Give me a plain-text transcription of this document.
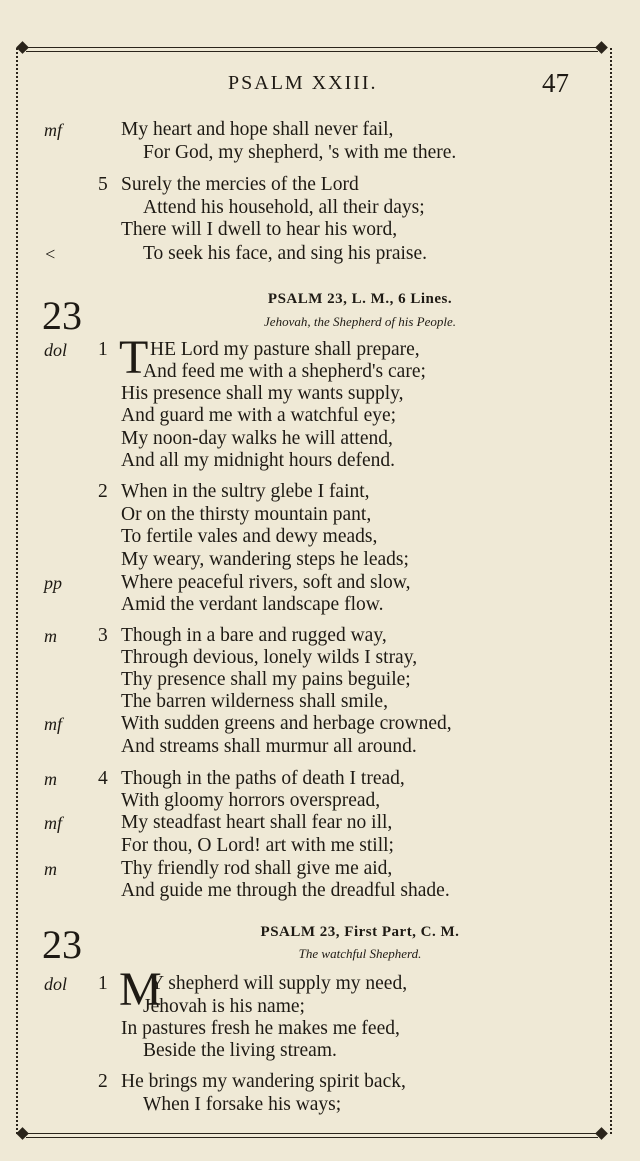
PSALM XXIII.	47
mf	My heart and hope shall never fail,
For God, my shepherd, 's with me there.
5 Surely the mercies of the Lord
Attend his household, all their days;
There will I dwell to hear his word,
<	To seek his face, and sing his praise.
23	PSALM 23, L. M., 6 Lines.
Jehovah, the Shepherd of his People.
T
dol 1 HE Lord my pasture shall prepare,
And feed me with a shepherd's care;
His presence shall my wants supply,
And guard me with a watchful eye;
My noon-day walks he will attend,
And all my midnight hours defend.
2 When in the sultry glebe I faint,
Or on the thirsty mountain pant,
To fertile vales and dewy meads,
My weary, wandering steps he leads;
pp	Where peaceful rivers, soft and slow,
Amid the verdant landscape flow.
m 3 Though in a bare and rugged way,
Through devious, lonely wilds I stray,
Thy presence shall my pains beguile;
The barren wilderness shall smile,
mf	With sudden greens and herbage crowned,
And streams shall murmur all around.
m 4 Though in the paths of death I tread,
With gloomy horrors overspread,
mf	My steadfast heart shall fear no ill,
For thou, O Lord! art with me still;
m	Thy friendly rod shall give me aid,
And guide me through the dreadful shade.
23	PSALM 23, First Part, C. M.
The watchful Shepherd.
M
dol 1 Y shepherd will supply my need,
Jehovah is his name;
In pastures fresh he makes me feed,
Beside the living stream.
2 He brings my wandering spirit back,
When I forsake his ways;
